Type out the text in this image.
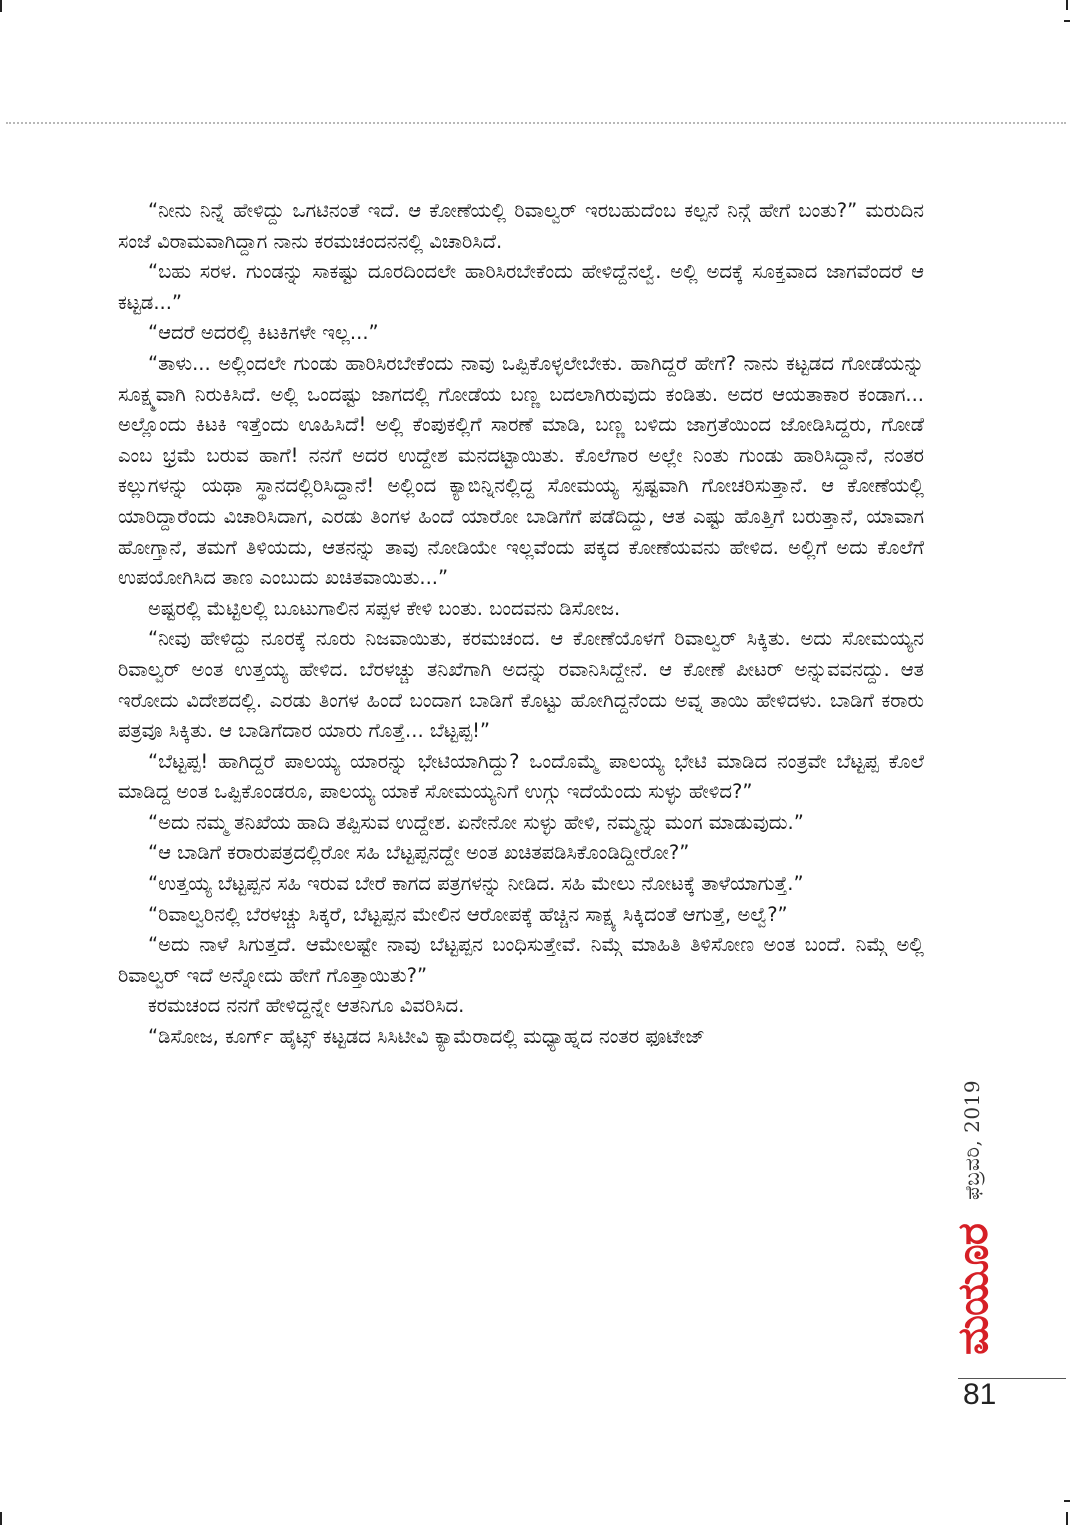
“ನೀನು ನಿನ್ನೆ ಹೇಳಿದ್ದು ಒಗಟಿನಂತೆ ಇದೆ. ಆ ಕೋಣೆಯಲ್ಲಿ ರಿವಾಲ್ವರ್ ಇರಬಹುದೆಂಬ ಕಲ್ಪನೆ ನಿನ್ಗೆ ಹೇಗೆ ಬಂತು?” ಮರುದಿನ ಸಂಜೆ ವಿರಾಮವಾಗಿದ್ದಾಗ ನಾನು ಕರಮಚಂದನನಲ್ಲಿ ವಿಚಾರಿಸಿದೆ.

“ಬಹು ಸರಳ. ಗುಂಡನ್ನು ಸಾಕಷ್ಟು ದೂರದಿಂದಲೇ ಹಾರಿಸಿರಬೇಕೆಂದು ಹೇಳಿದ್ದೆನಲ್ವೆ. ಅಲ್ಲಿ ಅದಕ್ಕೆ ಸೂಕ್ತವಾದ ಜಾಗವೆಂದರೆ ಆ ಕಟ್ಟಡ...”

“ಆದರೆ ಅದರಲ್ಲಿ ಕಿಟಕಿಗಳೇ ಇಲ್ಲ...”

“ತಾಳು... ಅಲ್ಲಿಂದಲೇ ಗುಂಡು ಹಾರಿಸಿರಬೇಕೆಂದು ನಾವು ಒಪ್ಪಿಕೊಳ್ಳಲೇಬೇಕು. ಹಾಗಿದ್ದರೆ ಹೇಗೆ? ನಾನು ಕಟ್ಟಡದ ಗೋಡೆಯನ್ನು ಸೂಕ್ಷ್ಮವಾಗಿ ನಿರುಕಿಸಿದೆ. ಅಲ್ಲಿ ಒಂದಷ್ಟು ಜಾಗದಲ್ಲಿ ಗೋಡೆಯ ಬಣ್ಣ ಬದಲಾಗಿರುವುದು ಕಂಡಿತು. ಅದರ ಆಯತಾಕಾರ ಕಂಡಾಗ... ಅಲ್ಲೊಂದು ಕಿಟಕಿ ಇತ್ತೆಂದು ಊಹಿಸಿದೆ! ಅಲ್ಲಿ ಕೆಂಪುಕಲ್ಲಿಗೆ ಸಾರಣೆ ಮಾಡಿ, ಬಣ್ಣ ಬಳಿದು ಜಾಗ್ರತೆಯಿಂದ ಜೋಡಿಸಿದ್ದರು, ಗೋಡೆ ಎಂಬ ಭ್ರಮೆ ಬರುವ ಹಾಗೆ! ನನಗೆ ಅದರ ಉದ್ದೇಶ ಮನದಟ್ಟಾಯಿತು. ಕೊಲೆಗಾರ ಅಲ್ಲೇ ನಿಂತು ಗುಂಡು ಹಾರಿಸಿದ್ದಾನೆ, ನಂತರ ಕಲ್ಲುಗಳನ್ನು ಯಥಾ ಸ್ಥಾನದಲ್ಲಿರಿಸಿದ್ದಾನೆ! ಅಲ್ಲಿಂದ ಕ್ಯಾಬಿನ್ನಿನಲ್ಲಿದ್ದ ಸೋಮಯ್ಯ ಸ್ಪಷ್ಟವಾಗಿ ಗೋಚರಿಸುತ್ತಾನೆ. ಆ ಕೋಣೆಯಲ್ಲಿ ಯಾರಿದ್ದಾರೆಂದು ವಿಚಾರಿಸಿದಾಗ, ಎರಡು ತಿಂಗಳ ಹಿಂದೆ ಯಾರೋ ಬಾಡಿಗೆಗೆ ಪಡೆದಿದ್ದು, ಆತ ಎಷ್ಟು ಹೊತ್ತಿಗೆ ಬರುತ್ತಾನೆ, ಯಾವಾಗ ಹೋಗ್ತಾನೆ, ತಮಗೆ ತಿಳಿಯದು, ಆತನನ್ನು ತಾವು ನೋಡಿಯೇ ಇಲ್ಲವೆಂದು ಪಕ್ಕದ ಕೋಣೆಯವನು ಹೇಳಿದ. ಅಲ್ಲಿಗೆ ಅದು ಕೊಲೆಗೆ ಉಪಯೋಗಿಸಿದ ತಾಣ ಎಂಬುದು ಖಚಿತವಾಯಿತು...”

ಅಷ್ಟರಲ್ಲಿ ಮೆಟ್ಟಿಲಲ್ಲಿ ಬೂಟುಗಾಲಿನ ಸಪ್ಪಳ ಕೇಳಿ ಬಂತು. ಬಂದವನು ಡಿಸೋಜ.

“ನೀವು ಹೇಳಿದ್ದು ನೂರಕ್ಕೆ ನೂರು ನಿಜವಾಯಿತು, ಕರಮಚಂದ. ಆ ಕೋಣೆಯೊಳಗೆ ರಿವಾಲ್ವರ್ ಸಿಕ್ಕಿತು. ಅದು ಸೋಮಯ್ಯನ ರಿವಾಲ್ವರ್ ಅಂತ ಉತ್ತಯ್ಯ ಹೇಳಿದ. ಬೆರಳಚ್ಚು ತನಿಖೆಗಾಗಿ ಅದನ್ನು ರವಾನಿಸಿದ್ದೇನೆ. ಆ ಕೋಣೆ ಪೀಟರ್ ಅನ್ನುವವನದ್ದು. ಆತ ಇರೋದು ವಿದೇಶದಲ್ಲಿ. ಎರಡು ತಿಂಗಳ ಹಿಂದೆ ಬಂದಾಗ ಬಾಡಿಗೆ ಕೊಟ್ಟು ಹೋಗಿದ್ದನೆಂದು ಅವ್ನ ತಾಯಿ ಹೇಳಿದಳು. ಬಾಡಿಗೆ ಕರಾರು ಪತ್ರವೂ ಸಿಕ್ಕಿತು. ಆ ಬಾಡಿಗೆದಾರ ಯಾರು ಗೊತ್ತೆ... ಬೆಟ್ಟಪ್ಪ!”

“ಬೆಟ್ಟಪ್ಪ! ಹಾಗಿದ್ದರೆ ಪಾಲಯ್ಯ ಯಾರನ್ನು ಭೇಟಿಯಾಗಿದ್ದು? ಒಂದೊಮ್ಮೆ ಪಾಲಯ್ಯ ಭೇಟಿ ಮಾಡಿದ ನಂತ್ರವೇ ಬೆಟ್ಟಪ್ಪ ಕೊಲೆ ಮಾಡಿದ್ದ ಅಂತ ಒಪ್ಪಿಕೊಂಡರೂ, ಪಾಲಯ್ಯ ಯಾಕೆ ಸೋಮಯ್ಯನಿಗೆ ಉಗ್ಗು ಇದೆಯೆಂದು ಸುಳ್ಳು ಹೇಳಿದ?”

“ಅದು ನಮ್ಮ ತನಿಖೆಯ ಹಾದಿ ತಪ್ಪಿಸುವ ಉದ್ದೇಶ. ಏನೇನೋ ಸುಳ್ಳು ಹೇಳಿ, ನಮ್ಮನ್ನು ಮಂಗ ಮಾಡುವುದು.”

“ಆ ಬಾಡಿಗೆ ಕರಾರುಪತ್ರದಲ್ಲಿರೋ ಸಹಿ ಬೆಟ್ಟಪ್ಪನದ್ದೇ ಅಂತ ಖಚಿತಪಡಿಸಿಕೊಂಡಿದ್ದೀರೋ?”

“ಉತ್ತಯ್ಯ ಬೆಟ್ಟಪ್ಪನ ಸಹಿ ಇರುವ ಬೇರೆ ಕಾಗದ ಪತ್ರಗಳನ್ನು ನೀಡಿದ. ಸಹಿ ಮೇಲು ನೋಟಕ್ಕೆ ತಾಳೆಯಾಗುತ್ತೆ.”

“ರಿವಾಲ್ವರಿನಲ್ಲಿ ಬೆರಳಚ್ಚು ಸಿಕ್ಕರೆ, ಬೆಟ್ಟಪ್ಪನ ಮೇಲಿನ ಆರೋಪಕ್ಕೆ ಹೆಚ್ಚಿನ ಸಾಕ್ಷ್ಯ ಸಿಕ್ಕಿದಂತೆ ಆಗುತ್ತೆ, ಅಲ್ವೆ?”

“ಅದು ನಾಳೆ ಸಿಗುತ್ತದೆ. ಆಮೇಲಷ್ಟೇ ನಾವು ಬೆಟ್ಟಪ್ಪನ ಬಂಧಿಸುತ್ತೇವೆ. ನಿಮ್ಗೆ ಮಾಹಿತಿ ತಿಳಿಸೋಣ ಅಂತ ಬಂದೆ. ನಿಮ್ಗೆ ಅಲ್ಲಿ ರಿವಾಲ್ವರ್ ಇದೆ ಅನ್ನೋದು ಹೇಗೆ ಗೊತ್ತಾಯಿತು?”

ಕರಮಚಂದ ನನಗೆ ಹೇಳಿದ್ದನ್ನೇ ಆತನಿಗೂ ವಿವರಿಸಿದ.

“ಡಿಸೋಜ, ಕೂರ್ಗ್ ಹೈಟ್ಸ್ ಕಟ್ಟಡದ ಸಿಸಿಟೀವಿ ಕ್ಯಾಮೆರಾದಲ್ಲಿ ಮಧ್ಯಾಹ್ನದ ನಂತರ ಫೂಟೇಜ್

ಫೆಬ್ರವರಿ, 2019
ಮಯೂರ
81
